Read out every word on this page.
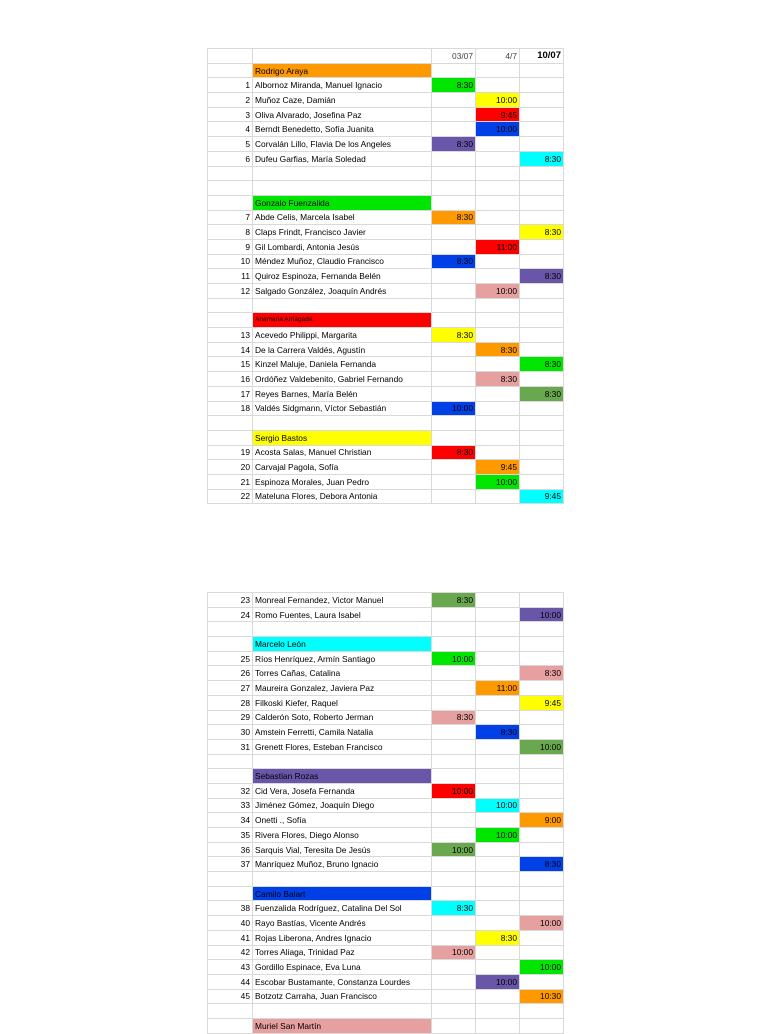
		03/07	4/7	10/07
	Rodrigo Araya			
1	Albornoz Miranda, Manuel Ignacio	8:30		
2	Muñoz Caze, Damián		10:00	
3	Oliva Alvarado, Josefina Paz		9:45	
4	Berndt Benedetto, Sofía Juanita		10:00	
5	Corvalán Lillo, Flavia De los Angeles	8:30		
6	Dufeu Garfias, María Soledad			8:30

	Gonzalo Fuenzalida			
7	Abde Celis, Marcela Isabel	8:30		
8	Claps Frindt, Francisco Javier			8:30
9	Gil Lombardi, Antonia Jesús		11:00	
10	Méndez Muñoz, Claudio Francisco	8:30		
11	Quiroz Espinoza, Fernanda Belén			8:30
12	Salgado González, Joaquín Andrés		10:00	

	Anamaria Arriagada			
13	Acevedo Philippi, Margarita	8:30		
14	De la Carrera Valdés, Agustín		8:30	
15	Kinzel Maluje, Daniela Fernanda			8:30
16	Ordóñez Valdebenito, Gabriel Fernando		8:30	
17	Reyes Barnes, María Belén			8:30
18	Valdés Sidgmann, Víctor Sebastián	10:00		

	Sergio Bastos			
19	Acosta Salas, Manuel Christian	8:30		
20	Carvajal Pagola, Sofía		9:45	
21	Espinoza Morales, Juan Pedro		10:00	
22	Mateluna Flores, Debora Antonia			9:45
23	Monreal Fernandez, Victor Manuel	8:30		
24	Romo Fuentes, Laura Isabel			10:00

	Marcelo León			
25	Ríos Henríquez, Armín Santiago	10:00		
26	Torres Cañas, Catalina			8:30
27	Maureira Gonzalez, Javiera Paz		11:00	
28	Filkoski Kiefer, Raquel			9:45
29	Calderón Soto, Roberto Jerman	8:30		
30	Amstein Ferretti, Camila Natalia		8:30	
31	Grenett Flores, Esteban Francisco			10:00

	Sebastian Rozas			
32	Cid Vera, Josefa Fernanda	10:00		
33	Jiménez Gómez, Joaquín Diego		10:00	
34	Onetti ., Sofía			9:00
35	Rivera Flores, Diego Alonso		10:00	
36	Sarquis Vial, Teresita De Jesús	10:00		
37	Manríquez Muñoz, Bruno Ignacio			8:30

	Camilo Balart			
38	Fuenzalida Rodríguez, Catalina Del Sol	8:30		
40	Rayo Bastías, Vicente Andrés			10:00
41	Rojas Liberona, Andres Ignacio		8:30	
42	Torres Aliaga, Trinidad Paz	10:00		
43	Gordillo Espinace, Eva Luna			10:00
44	Escobar Bustamante, Constanza Lourdes		10:00	
45	Botzotz Carraha, Juan Francisco			10:30

	Muriel San Martín			
